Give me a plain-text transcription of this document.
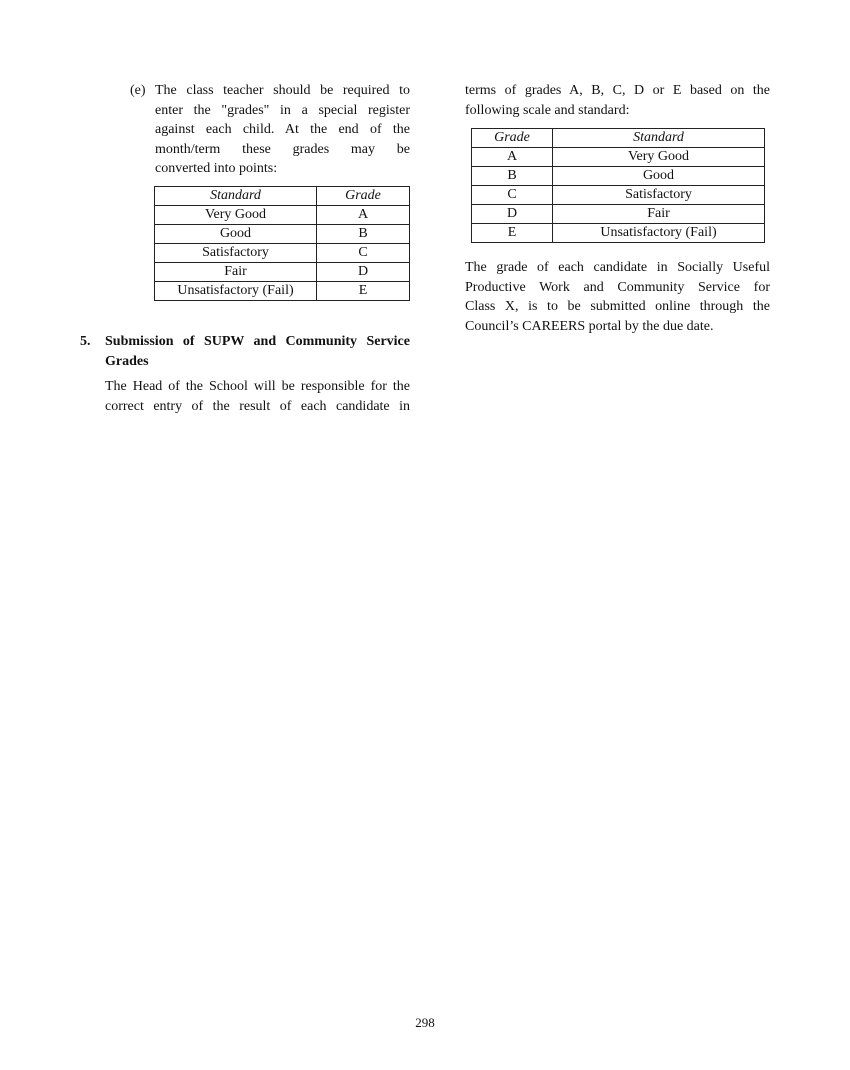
(e) The class teacher should be required to
enter the "grades" in a special register
against each child. At the end of the
month/term these grades may be
converted into points:
Standard	Grade
Very Good	A
Good	B
Satisfactory	C
Fair	D
Unsatisfactory (Fail)	E
5. Submission of SUPW and Community Service
Grades
The Head of the School will be responsible for the
correct entry of the result of each candidate in
terms of grades A, B, C, D or E based on the
following scale and standard:
Grade	Standard
A	Very Good
B	Good
C	Satisfactory
D	Fair
E	Unsatisfactory (Fail)
The grade of each candidate in Socially Useful
Productive Work and Community Service for
Class X, is to be submitted online through the
Council’s CAREERS portal by the due date.
298
